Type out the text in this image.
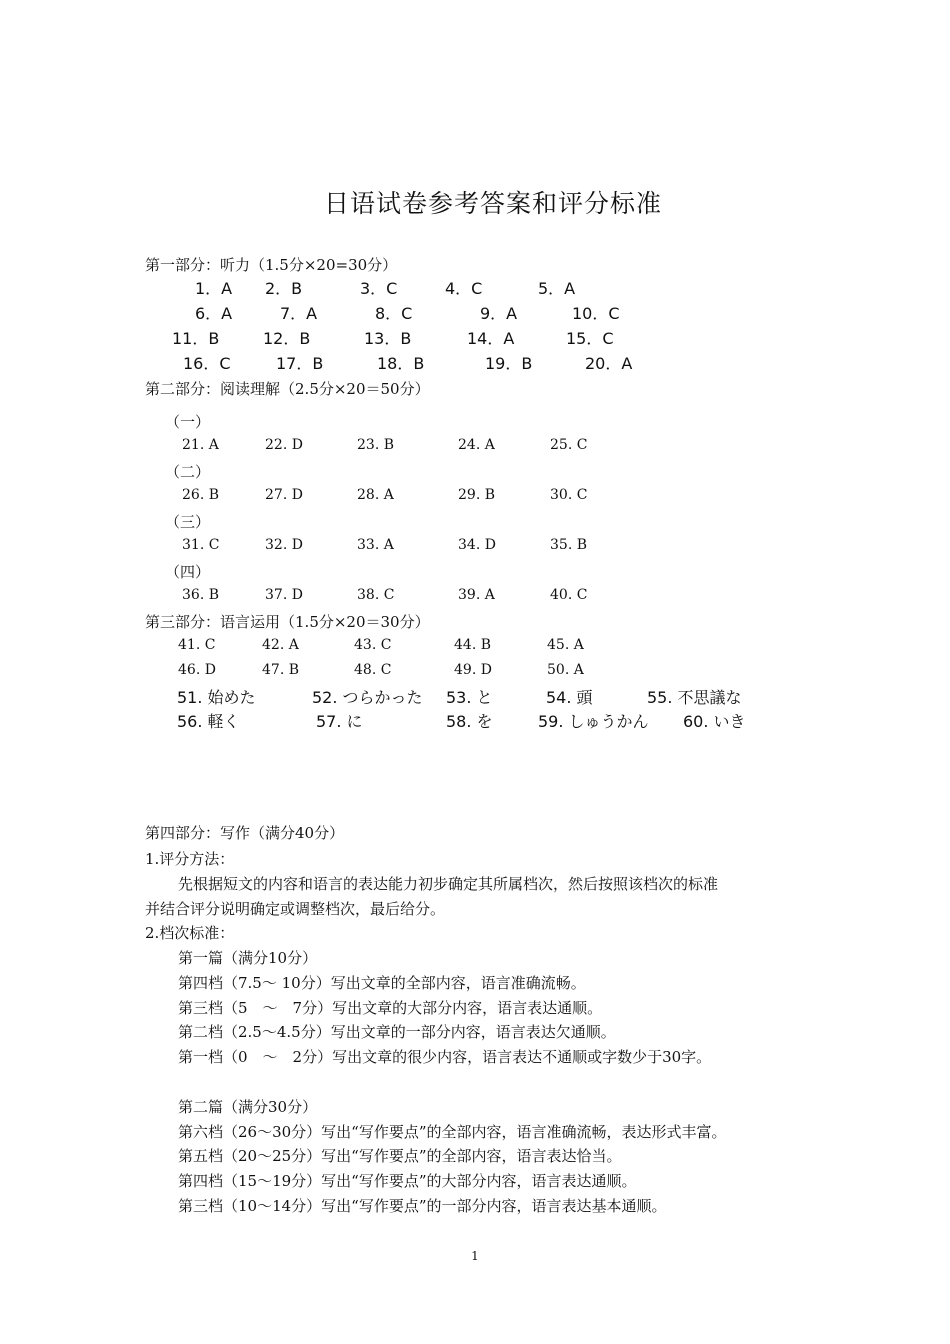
日语试卷参考答案和评分标准
第一部分：听力（1.5分×20=30分）
1．A 2．B	3．C	4．C	5．A
6．A	7．A	8．C	9．A	10．C
11．B	12．B	13．B	14．A	15．C
16．C	17．B	18．B	19．B	20．A
第二部分：阅读理解（2.5分×20＝50分）
（一）
21. A	22. D	23. B	24. A	25. C
（二）
26. B	27. D	28. A	29. B	30. C
（三）
31. C	32. D	33. A	34. D	35. B
（四）
36. B	37. D	38. C	39. A	40. C
第三部分：语言运用（1.5分×20＝30分）
41. C	42. A	43. C	44. B	45. A
46. D	47. B	48. C	49. D	50. A
51. 始めた	52. つらかった 53. と	54. 頭	55. 不思議な
56. 軽く	57. に	58. を	59. しゅうかん 60. いき
第四部分：写作（满分40分）
1.评分方法：
先根据短文的内容和语言的表达能力初步确定其所属档次，然后按照该档次的标准
并结合评分说明确定或调整档次，最后给分。
2.档次标准：
第一篇（满分10分）
第四档（7.5～ 10分）写出文章的全部内容，语言准确流畅。
第三档（5　～　7分）写出文章的大部分内容，语言表达通顺。
第二档（2.5～4.5分）写出文章的一部分内容，语言表达欠通顺。
第一档（0　～　2分）写出文章的很少内容，语言表达不通顺或字数少于30字。
第二篇（满分30分）
第六档（26～30分）写出“写作要点”的全部内容，语言准确流畅，表达形式丰富。
第五档（20～25分）写出“写作要点”的全部内容，语言表达恰当。
第四档（15～19分）写出“写作要点”的大部分内容，语言表达通顺。
第三档（10～14分）写出“写作要点”的一部分内容，语言表达基本通顺。
1
